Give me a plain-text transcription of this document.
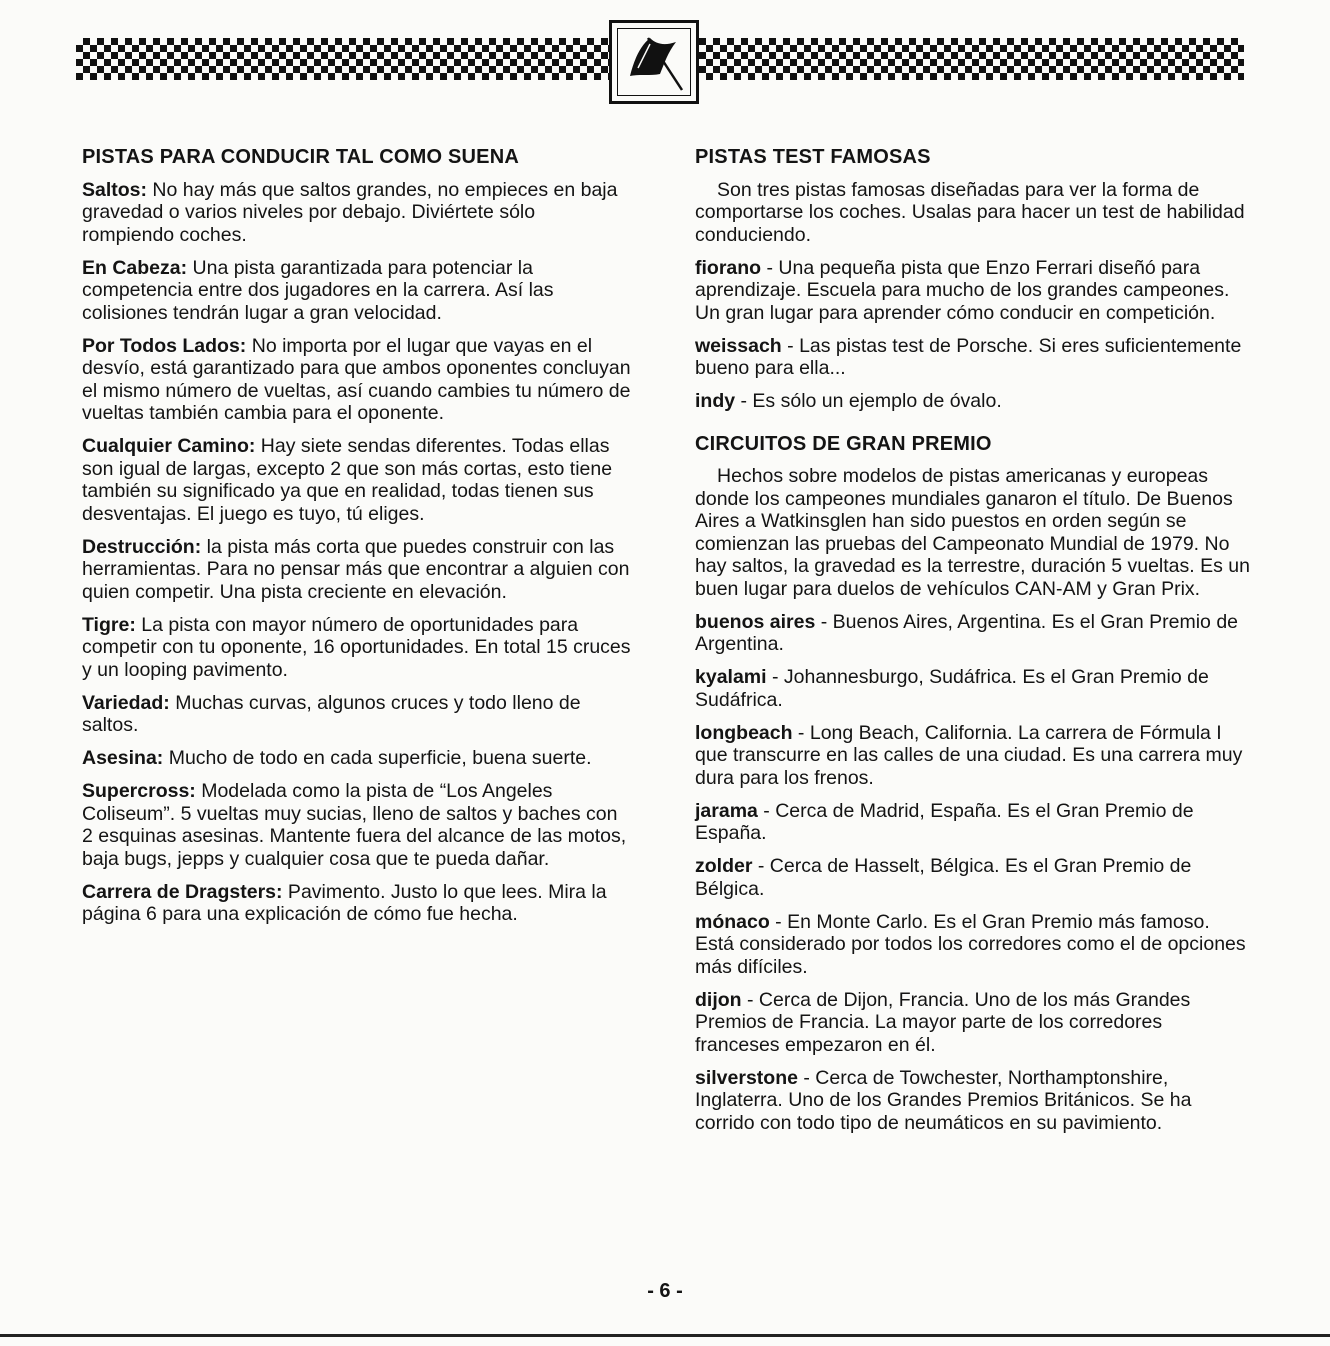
PISTAS PARA CONDUCIR TAL COMO SUENA

Saltos: No hay más que saltos grandes, no empieces en baja gravedad o varios niveles por debajo. Diviértete sólo rompiendo coches.

En Cabeza: Una pista garantizada para potenciar la competencia entre dos jugadores en la carrera. Así las colisiones tendrán lugar a gran velocidad.

Por Todos Lados: No importa por el lugar que vayas en el desvío, está garantizado para que ambos oponentes concluyan el mismo número de vueltas, así cuando cambies tu número de vueltas también cambia para el oponente.

Cualquier Camino: Hay siete sendas diferentes. Todas ellas son igual de largas, excepto 2 que son más cortas, esto tiene también su significado ya que en realidad, todas tienen sus desventajas. El juego es tuyo, tú eliges.

Destrucción: la pista más corta que puedes construir con las herramientas. Para no pensar más que encontrar a alguien con quien competir. Una pista creciente en elevación.

Tigre: La pista con mayor número de oportunidades para competir con tu oponente, 16 oportunidades. En total 15 cruces y un looping pavimento.

Variedad: Muchas curvas, algunos cruces y todo lleno de saltos.

Asesina: Mucho de todo en cada superficie, buena suerte.

Supercross: Modelada como la pista de “Los Angeles Coliseum”. 5 vueltas muy sucias, lleno de saltos y baches con 2 esquinas asesinas. Mantente fuera del alcance de las motos, baja bugs, jepps y cualquier cosa que te pueda dañar.

Carrera de Dragsters: Pavimento. Justo lo que lees. Mira la página 6 para una explicación de cómo fue hecha.

PISTAS TEST FAMOSAS

Son tres pistas famosas diseñadas para ver la forma de comportarse los coches. Usalas para hacer un test de habilidad conduciendo.

fiorano - Una pequeña pista que Enzo Ferrari diseñó para aprendizaje. Escuela para mucho de los grandes campeones. Un gran lugar para aprender cómo conducir en competición.

weissach - Las pistas test de Porsche. Si eres suficientemente bueno para ella...

indy - Es sólo un ejemplo de óvalo.

CIRCUITOS DE GRAN PREMIO

Hechos sobre modelos de pistas americanas y europeas donde los campeones mundiales ganaron el título. De Buenos Aires a Watkinsglen han sido puestos en orden según se comienzan las pruebas del Campeonato Mundial de 1979. No hay saltos, la gravedad es la terrestre, duración 5 vueltas. Es un buen lugar para duelos de vehículos CAN-AM y Gran Prix.

buenos aires - Buenos Aires, Argentina. Es el Gran Premio de Argentina.

kyalami - Johannesburgo, Sudáfrica. Es el Gran Premio de Sudáfrica.

longbeach - Long Beach, California. La carrera de Fórmula I que transcurre en las calles de una ciudad. Es una carrera muy dura para los frenos.

jarama - Cerca de Madrid, España. Es el Gran Premio de España.

zolder - Cerca de Hasselt, Bélgica. Es el Gran Premio de Bélgica.

mónaco - En Monte Carlo. Es el Gran Premio más famoso. Está considerado por todos los corredores como el de opciones más difíciles.

dijon - Cerca de Dijon, Francia. Uno de los más Grandes Premios de Francia. La mayor parte de los corredores franceses empezaron en él.

silverstone - Cerca de Towchester, Northamptonshire, Inglaterra. Uno de los Grandes Premios Británicos. Se ha corrido con todo tipo de neumáticos en su pavimiento.

- 6 -
